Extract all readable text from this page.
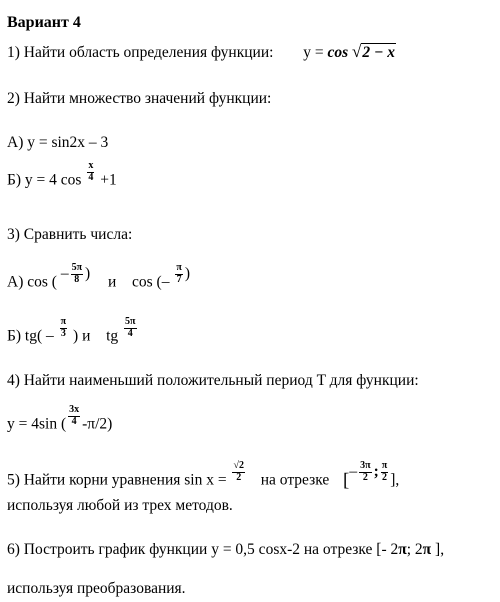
Вариант 4
1) Найти область определения функции: y = cos √2 − x
2) Найти множество значений функции:
А) y = sin2x – 3
Б) y = 4 $\cos \frac{x}{4} +1$
3) Сравнить числа:
А) cos ( – $\frac{5\pi}{8}$ )  и cos (– $\frac{\pi}{7}$ )
Б) $tg( - \frac{\pi}{3}$ ) и tg $\frac{5\pi}{4}$
4) Найти наименьший положительный период T для функции:
y = 4sin ( $\frac{3x}{4} -\pi/2$)
5) Найти корни уравнения $\sin x = \frac{√2}{2}$ на отрезке [– $\frac{3\pi}{2}$ ; $\frac{\pi}{2}$ ],
используя любой из трех методов.
6) Построить график функции y = 0,5 cosx-2 на отрезке [- 2π; 2π ],
используя преобразования.
